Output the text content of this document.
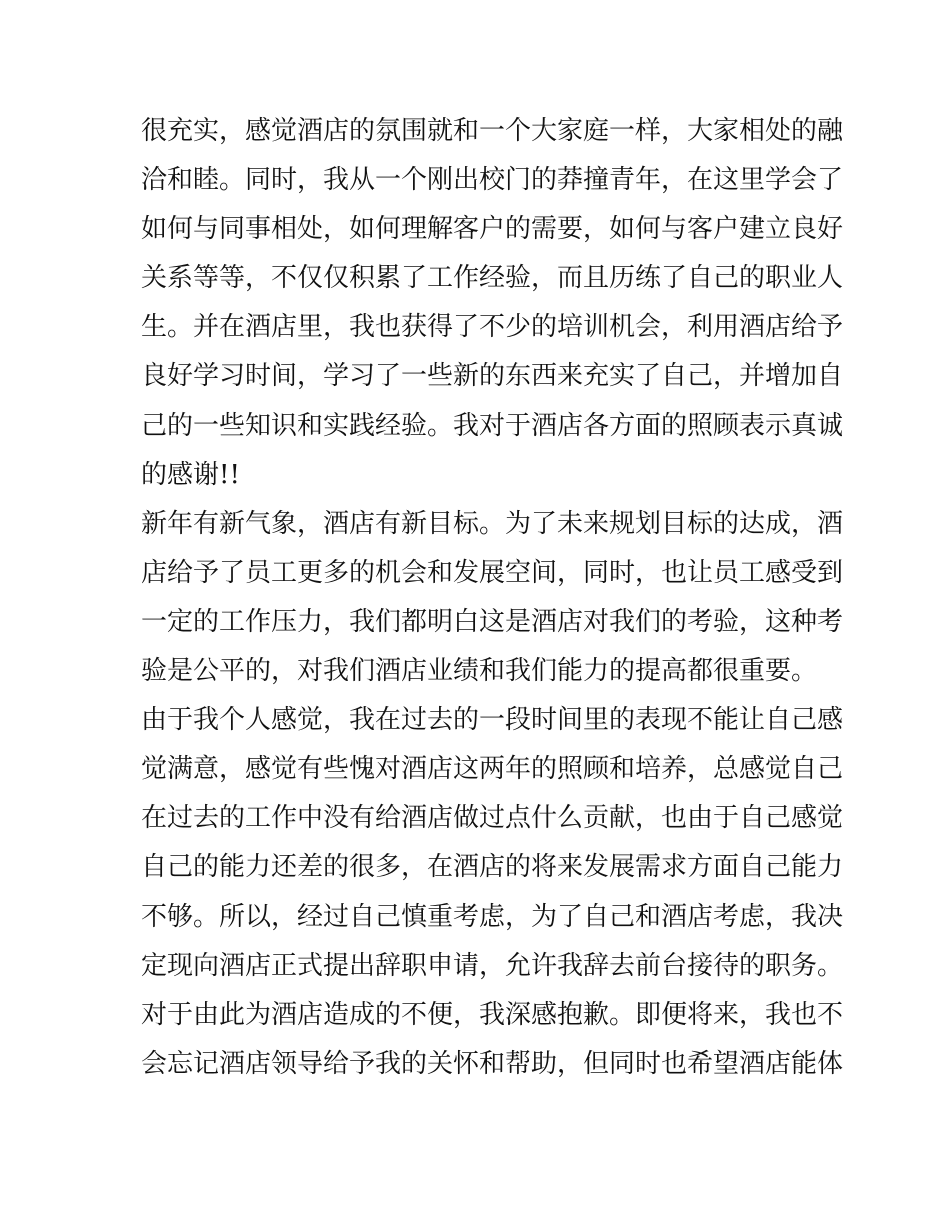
很充实，感觉酒店的氛围就和一个大家庭一样，大家相处的融
洽和睦。同时，我从一个刚出校门的莽撞青年，在这里学会了
如何与同事相处，如何理解客户的需要，如何与客户建立良好
关系等等，不仅仅积累了工作经验，而且历练了自己的职业人
生。并在酒店里，我也获得了不少的培训机会，利用酒店给予
良好学习时间，学习了一些新的东西来充实了自己，并增加自
己的一些知识和实践经验。我对于酒店各方面的照顾表示真诚
的感谢!!
新年有新气象，酒店有新目标。为了未来规划目标的达成，酒
店给予了员工更多的机会和发展空间，同时，也让员工感受到
一定的工作压力，我们都明白这是酒店对我们的考验，这种考
验是公平的，对我们酒店业绩和我们能力的提高都很重要。
由于我个人感觉，我在过去的一段时间里的表现不能让自己感
觉满意，感觉有些愧对酒店这两年的照顾和培养，总感觉自己
在过去的工作中没有给酒店做过点什么贡献，也由于自己感觉
自己的能力还差的很多，在酒店的将来发展需求方面自己能力
不够。所以，经过自己慎重考虑，为了自己和酒店考虑，我决
定现向酒店正式提出辞职申请，允许我辞去前台接待的职务。
对于由此为酒店造成的不便，我深感抱歉。即便将来，我也不
会忘记酒店领导给予我的关怀和帮助，但同时也希望酒店能体
